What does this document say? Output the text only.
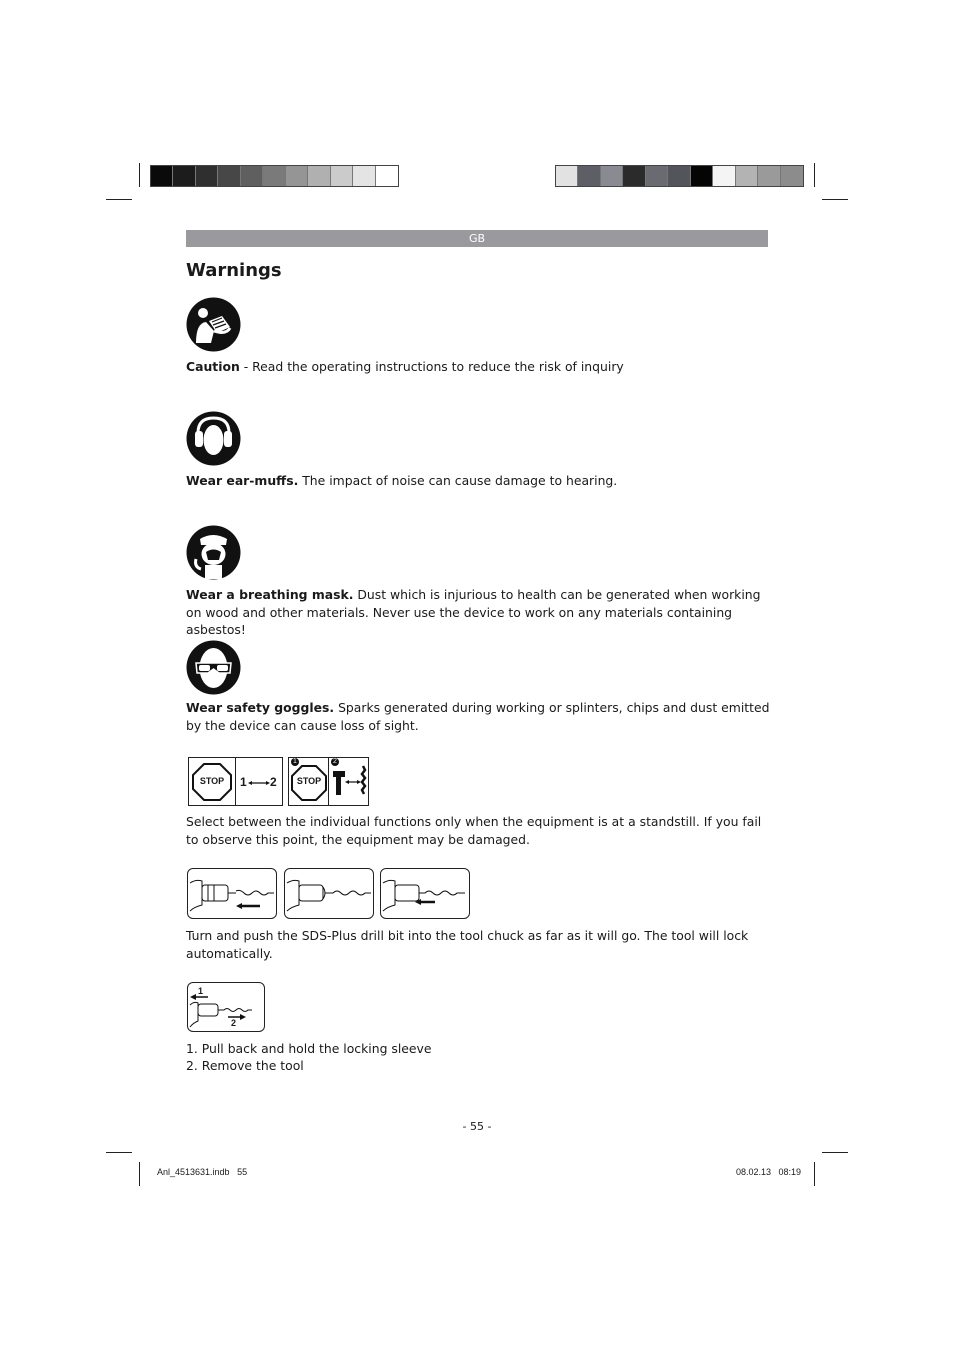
GB
Warnings
Caution - Read the operating instructions to reduce the risk of inquiry
Wear ear-muffs. The impact of noise can cause damage to hearing.
Wear a breathing mask. Dust which is injurious to health can be generated when working on wood and other materials. Never use the device to work on any materials containing asbestos!
Wear safety goggles. Sparks generated during working or splinters, chips and dust emitted by the device can cause loss of sight.
STOP	1 2
1
STOP
2
Select between the individual functions only when the equipment is at a standstill. If you fail to observe this point, the equipment may be damaged.
Turn and push the SDS-Plus drill bit into the tool chuck as far as it will go. The tool will lock automatically.
1
2
1. Pull back and hold the locking sleeve
2. Remove the tool
- 55 -
Anl_4513631.indb   55	08.02.13   08:19
